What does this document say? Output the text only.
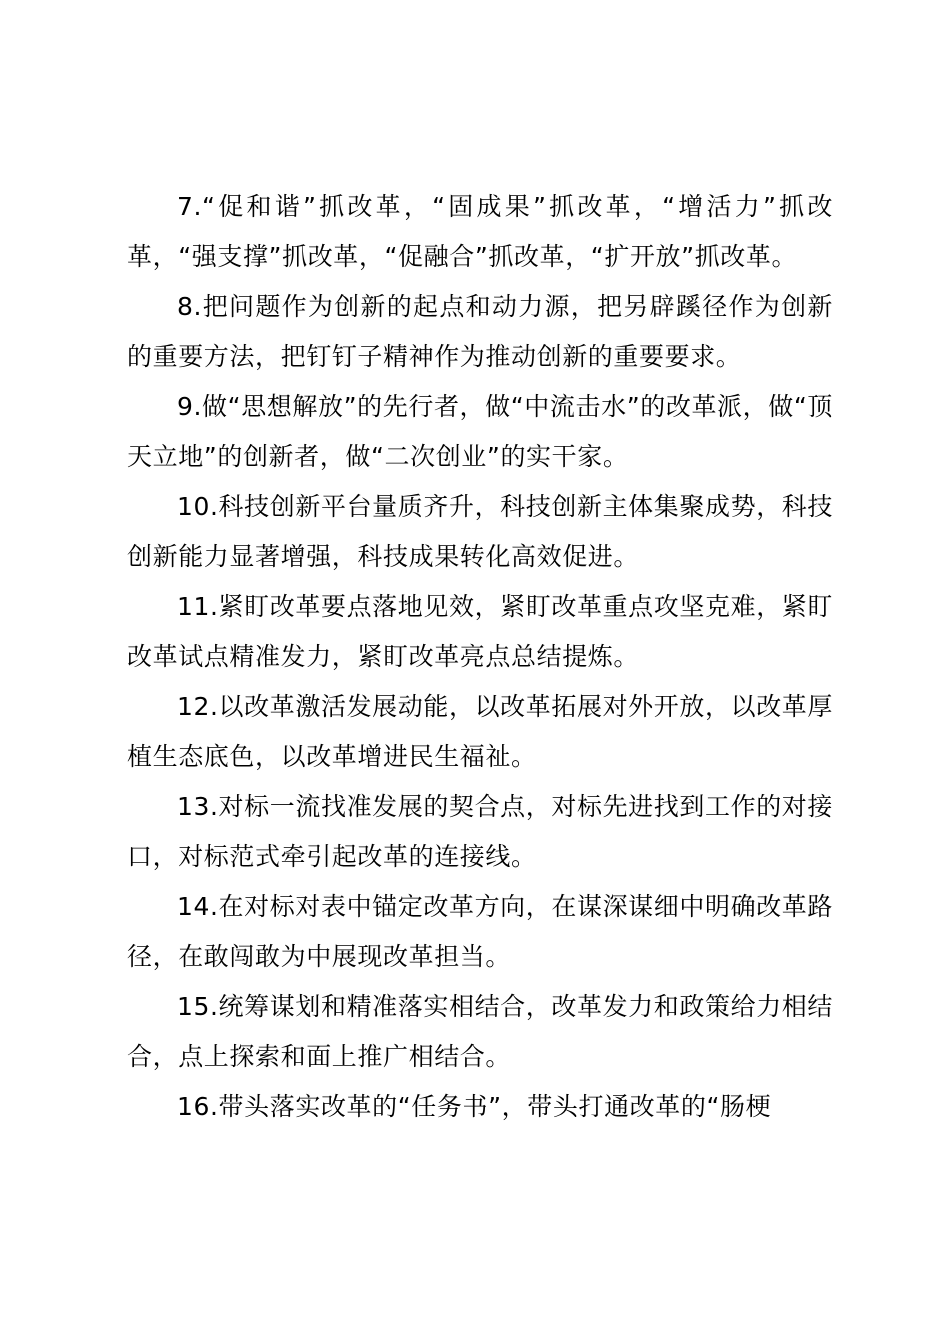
7.“促和谐”抓改革，“固成果”抓改革，“增活力”抓改革，“强支撑”抓改革，“促融合”抓改革，“扩开放”抓改革。

8.把问题作为创新的起点和动力源，把另辟蹊径作为创新的重要方法，把钉钉子精神作为推动创新的重要要求。

9.做“思想解放”的先行者，做“中流击水”的改革派，做“顶天立地”的创新者，做“二次创业”的实干家。

10.科技创新平台量质齐升，科技创新主体集聚成势，科技创新能力显著增强，科技成果转化高效促进。

11.紧盯改革要点落地见效，紧盯改革重点攻坚克难，紧盯改革试点精准发力，紧盯改革亮点总结提炼。

12.以改革激活发展动能，以改革拓展对外开放，以改革厚植生态底色，以改革增进民生福祉。

13.对标一流找准发展的契合点，对标先进找到工作的对接口，对标范式牵引起改革的连接线。

14.在对标对表中锚定改革方向，在谋深谋细中明确改革路径，在敢闯敢为中展现改革担当。

15.统筹谋划和精准落实相结合，改革发力和政策给力相结合，点上探索和面上推广相结合。

16.带头落实改革的“任务书”，带头打通改革的“肠梗
